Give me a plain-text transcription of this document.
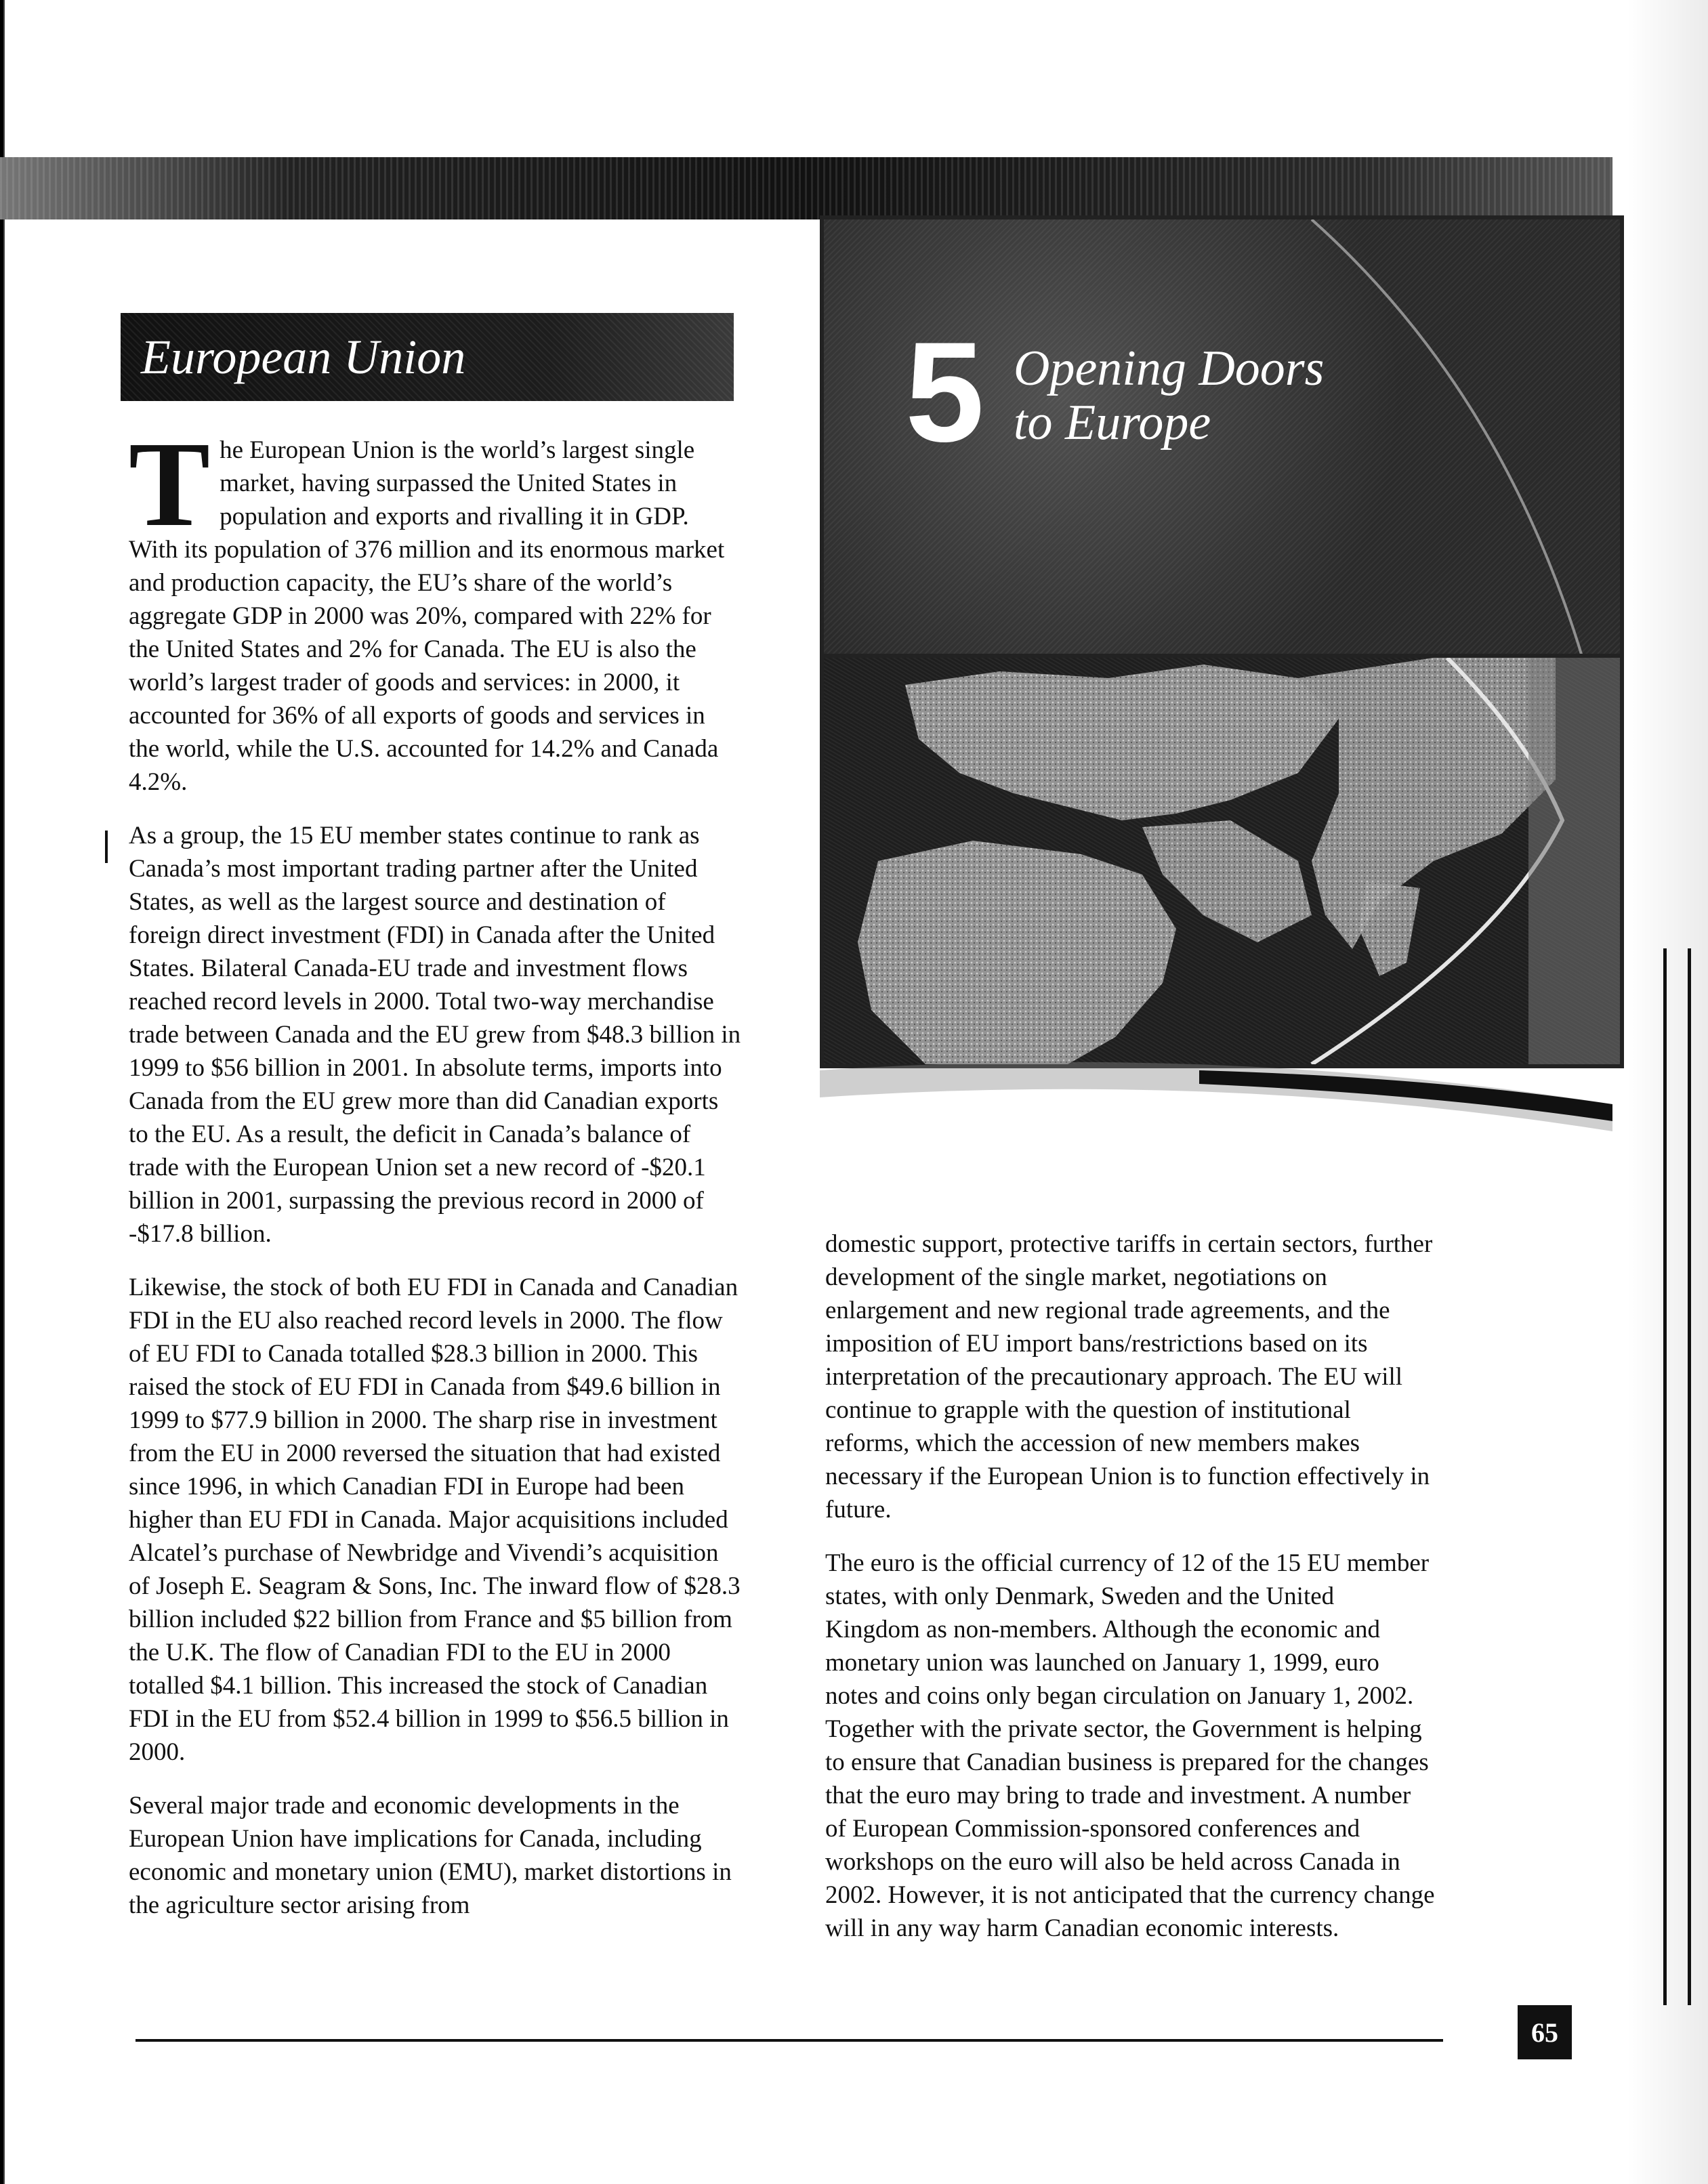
5 Opening Doors
to Europe
European Union

The European Union is the world’s largest single market, having surpassed the United States in population and exports and rivalling it in GDP. With its population of 376 million and its enormous market and production capacity, the EU’s share of the world’s aggregate GDP in 2000 was 20%, compared with 22% for the United States and 2% for Canada. The EU is also the world’s largest trader of goods and services: in 2000, it accounted for 36% of all exports of goods and services in the world, while the U.S. accounted for 14.2% and Canada 4.2%.

As a group, the 15 EU member states continue to rank as Canada’s most important trading partner after the United States, as well as the largest source and destination of foreign direct investment (FDI) in Canada after the United States. Bilateral Canada-EU trade and investment flows reached record levels in 2000. Total two-way merchandise trade between Canada and the EU grew from $48.3 billion in 1999 to $56 billion in 2001. In absolute terms, imports into Canada from the EU grew more than did Canadian exports to the EU. As a result, the deficit in Canada’s balance of trade with the European Union set a new record of -$20.1 billion in 2001, surpassing the previous record in 2000 of -$17.8 billion.

Likewise, the stock of both EU FDI in Canada and Canadian FDI in the EU also reached record levels in 2000. The flow of EU FDI to Canada totalled $28.3 billion in 2000. This raised the stock of EU FDI in Canada from $49.6 billion in 1999 to $77.9 billion in 2000. The sharp rise in investment from the EU in 2000 reversed the situation that had existed since 1996, in which Canadian FDI in Europe had been higher than EU FDI in Canada. Major acquisitions included Alcatel’s purchase of Newbridge and Vivendi’s acquisition of Joseph E. Seagram & Sons, Inc. The inward flow of $28.3 billion included $22 billion from France and $5 billion from the U.K. The flow of Canadian FDI to the EU in 2000 totalled $4.1 billion. This increased the stock of Canadian FDI in the EU from $52.4 billion in 1999 to $56.5 billion in 2000.

Several major trade and economic developments in the European Union have implications for Canada, including economic and monetary union (EMU), market distortions in the agriculture sector arising from

domestic support, protective tariffs in certain sectors, further development of the single market, negotiations on enlargement and new regional trade agreements, and the imposition of EU import bans/restrictions based on its interpretation of the precautionary approach. The EU will continue to grapple with the question of institutional reforms, which the accession of new members makes necessary if the European Union is to function effectively in future.

The euro is the official currency of 12 of the 15 EU member states, with only Denmark, Sweden and the United Kingdom as non-members. Although the economic and monetary union was launched on January 1, 1999, euro notes and coins only began circulation on January 1, 2002. Together with the private sector, the Government is helping to ensure that Canadian business is prepared for the changes that the euro may bring to trade and investment. A number of European Commission-sponsored conferences and workshops on the euro will also be held across Canada in 2002. However, it is not anticipated that the currency change will in any way harm Canadian economic interests.

65
